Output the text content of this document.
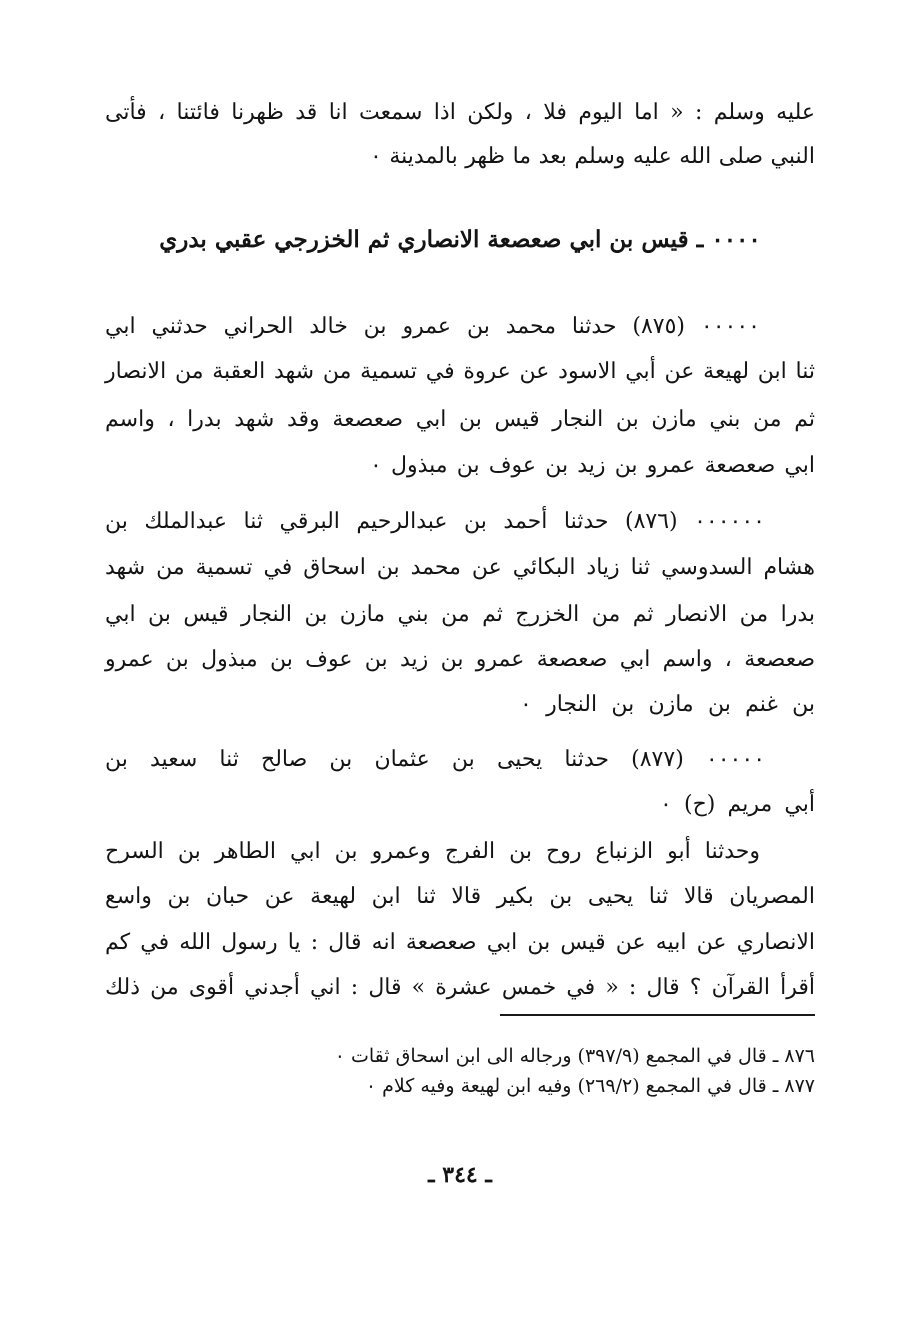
عليه وسلم : « اما اليوم فلا ، ولكن اذا سمعت انا قد ظهرنا فائتنا ، فأتى
النبي صلى الله عليه وسلم بعد ما ظهر بالمدينة ٠
٠٠٠٠ ـ قيس بن ابي صعصعة الانصاري ثم الخزرجي عقبي بدري
٠٠٠٠٠ (٨٧٥) حدثنا محمد بن عمرو بن خالد الحراني حدثني ابي
ثنا ابن لهيعة عن أبي الاسود عن عروة في تسمية من شهد العقبة من الانصار
ثم من بني مازن بن النجار قيس بن ابي صعصعة وقد شهد بدرا ، واسم
ابي صعصعة عمرو بن زيد بن عوف بن مبذول ٠
٠٠٠٠٠٠ (٨٧٦) حدثنا أحمد بن عبدالرحيم البرقي ثنا عبدالملك بن
هشام السدوسي ثنا زياد البكائي عن محمد بن اسحاق في تسمية من شهد
بدرا من الانصار ثم من الخزرج ثم من بني مازن بن النجار قيس بن ابي
صعصعة ، واسم ابي صعصعة عمرو بن زيد بن عوف بن مبذول بن عمرو
بن غنم بن مازن بن النجار ٠
٠٠٠٠٠ (٨٧٧) حدثنا يحيى بن عثمان بن صالح ثنا سعيد بن
أبي مريم (ح) ٠
وحدثنا أبو الزنباع روح بن الفرج وعمرو بن ابي الطاهر بن السرح
المصريان قالا ثنا يحيى بن بكير قالا ثنا ابن لهيعة عن حبان بن واسع
الانصاري عن ابيه عن قيس بن ابي صعصعة انه قال : يا رسول الله في كم
أقرأ القرآن ؟ قال : « في خمس عشرة » قال : اني أجدني أقوى من ذلك
٨٧٦ ـ قال في المجمع (٣٩٧/٩) ورجاله الى ابن اسحاق ثقات ٠
٨٧٧ ـ قال في المجمع (٢٦٩/٢) وفيه ابن لهيعة وفيه كلام ٠
ـ ٣٤٤ ـ
